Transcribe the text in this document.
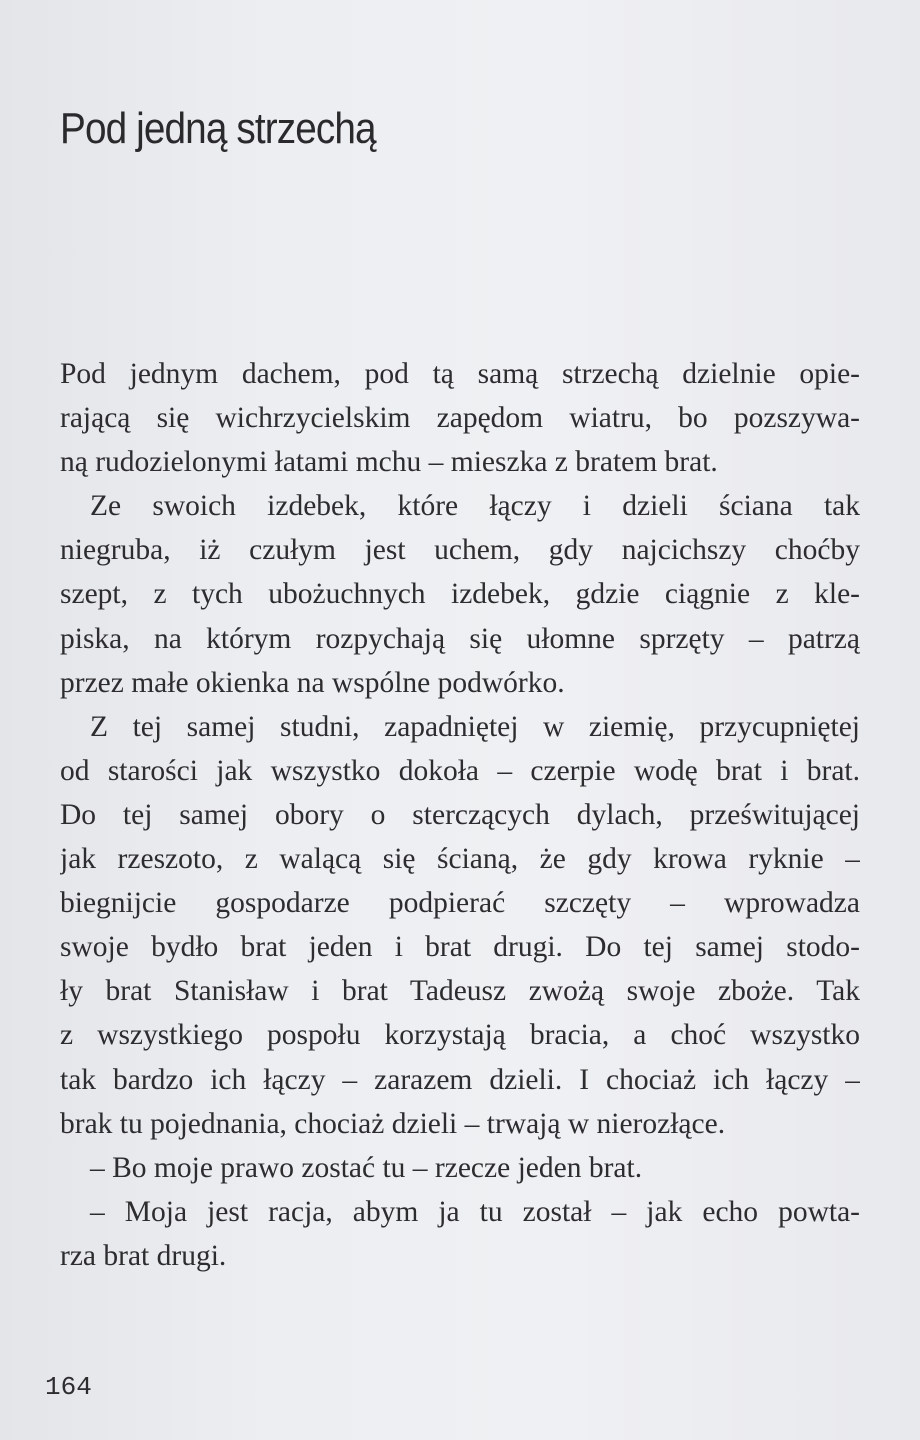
Pod jedną strzechą
Pod jednym dachem, pod tą samą strzechą dzielnie opie-
rającą się wichrzycielskim zapędom wiatru, bo pozszywa-
ną rudozielonymi łatami mchu – mieszka z bratem brat.
Ze swoich izdebek, które łączy i dzieli ściana tak
niegruba, iż czułym jest uchem, gdy najcichszy choćby
szept, z tych ubożuchnych izdebek, gdzie ciągnie z kle-
piska, na którym rozpychają się ułomne sprzęty – patrzą
przez małe okienka na wspólne podwórko.
Z tej samej studni, zapadniętej w ziemię, przycupniętej
od starości jak wszystko dokoła – czerpie wodę brat i brat.
Do tej samej obory o sterczących dylach, prześwitującej
jak rzeszoto, z walącą się ścianą, że gdy krowa ryknie –
biegnijcie gospodarze podpierać szczęty – wprowadza
swoje bydło brat jeden i brat drugi. Do tej samej stodo-
ły brat Stanisław i brat Tadeusz zwożą swoje zboże. Tak
z wszystkiego pospołu korzystają bracia, a choć wszystko
tak bardzo ich łączy – zarazem dzieli. I chociaż ich łączy –
brak tu pojednania, chociaż dzieli – trwają w nierozłące.
– Bo moje prawo zostać tu – rzecze jeden brat.
– Moja jest racja, abym ja tu został – jak echo powta-
rza brat drugi.
164
